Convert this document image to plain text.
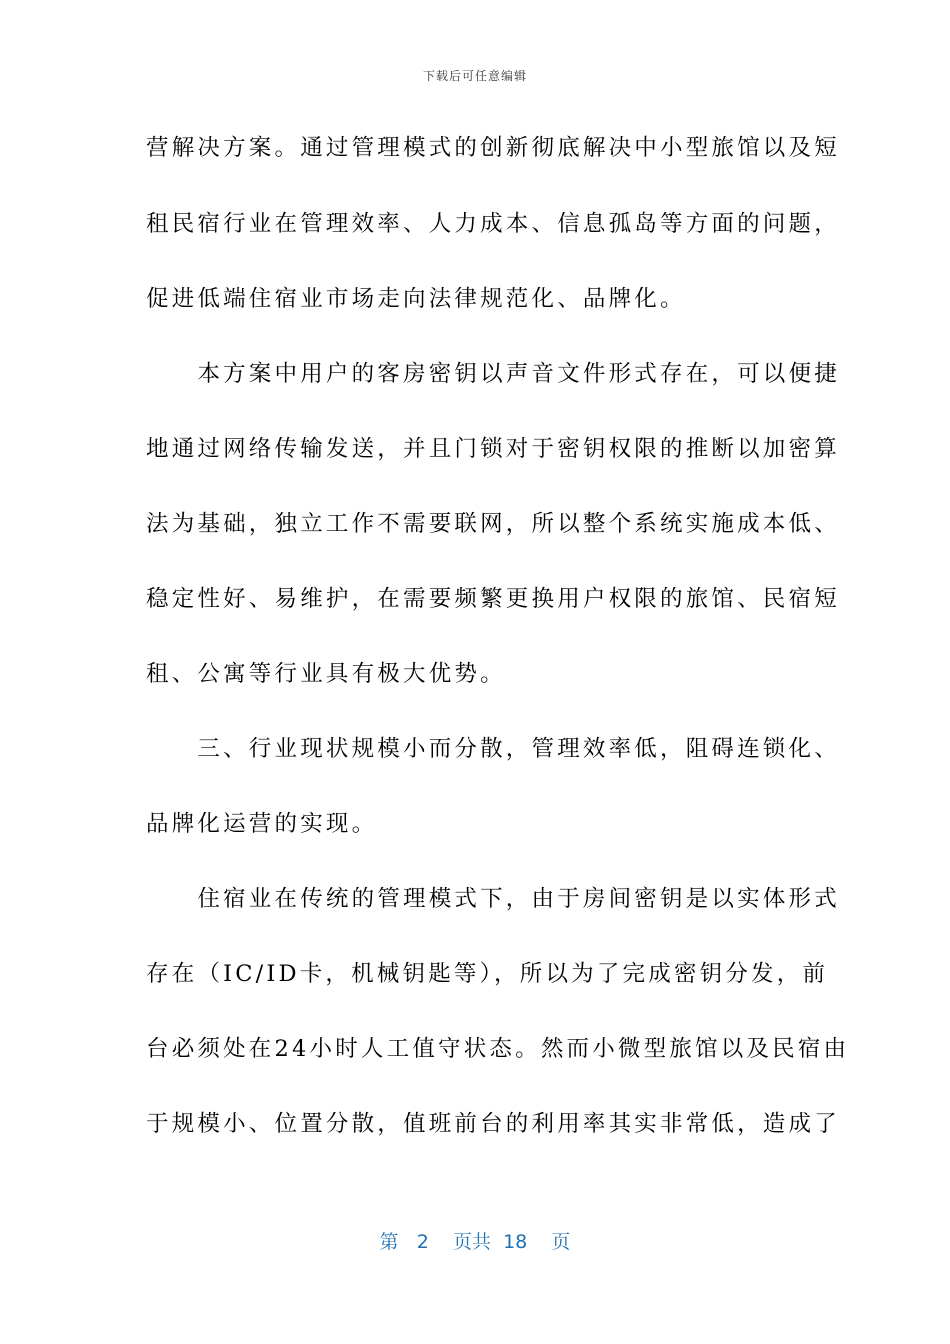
下载后可任意编辑
营解决方案。通过管理模式的创新彻底解决中小型旅馆以及短
租民宿行业在管理效率、人力成本、信息孤岛等方面的问题，
促进低端住宿业市场走向法律规范化、品牌化。
　　本方案中用户的客房密钥以声音文件形式存在，可以便捷
地通过网络传输发送，并且门锁对于密钥权限的推断以加密算
法为基础，独立工作不需要联网，所以整个系统实施成本低、
稳定性好、易维护，在需要频繁更换用户权限的旅馆、民宿短
租、公寓等行业具有极大优势。
　　三、行业现状规模小而分散，管理效率低，阻碍连锁化、
品牌化运营的实现。
　　住宿业在传统的管理模式下，由于房间密钥是以实体形式
存在（IC/ID卡，机械钥匙等），所以为了完成密钥分发，前
台必须处在24小时人工值守状态。然而小微型旅馆以及民宿由
于规模小、位置分散，值班前台的利用率其实非常低，造成了
第 2 页共 18 页
